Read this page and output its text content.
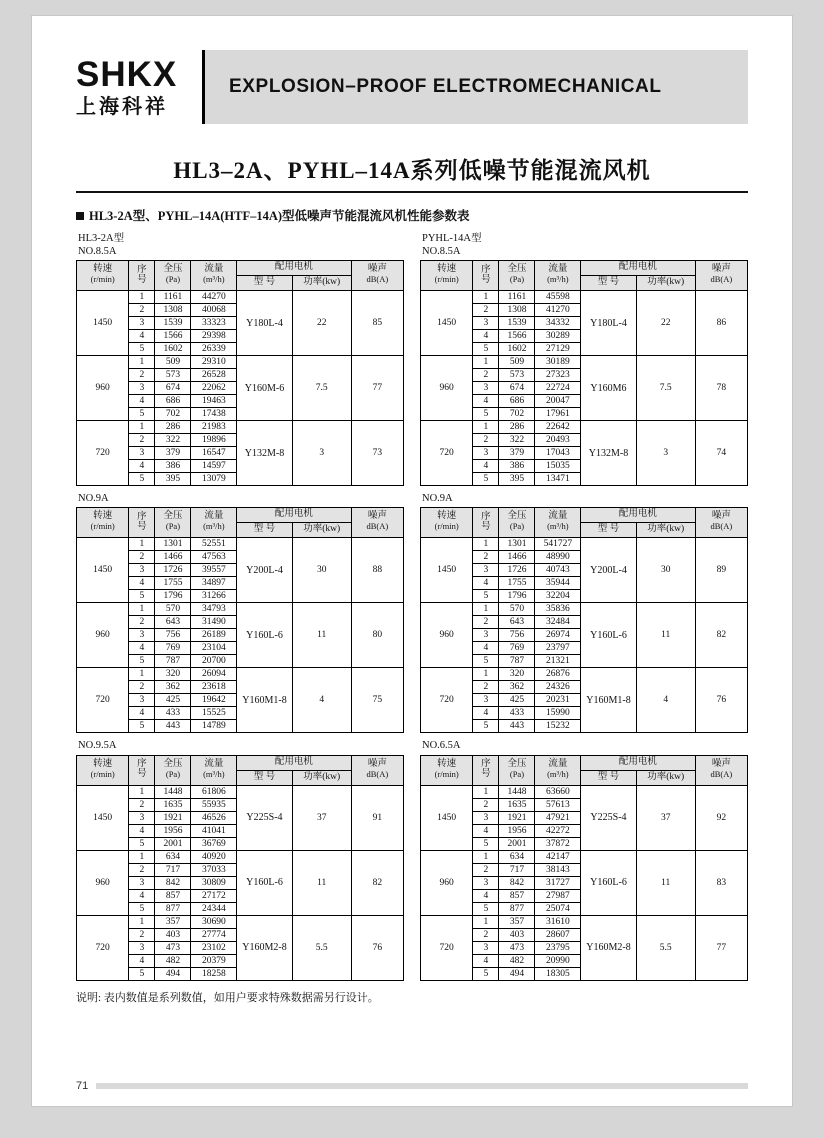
SHKX
上海科祥
EXPLOSION–PROOF ELECTROMECHANICAL
HL3–2A、PYHL–14A系列低噪节能混流风机
HL3-2A型、PYHL–14A(HTF–14A)型低噪声节能混流风机性能参数表
HL3-2A型
NO.8.5A
转速
(r/min)	序
号	全压
(Pa)	流量
(m³/h)	配用电机		噪声
dB(A)
				型 号	功率(kw)	
1450	1	1161	44270	Y180L-4	22	85
	2	1308	40068			
	3	1539	33323			
	4	1566	29398			
	5	1602	26339			
960	1	509	29310	Y160M-6	7.5	77
	2	573	26528			
	3	674	22062			
	4	686	19463			
	5	702	17438			
720	1	286	21983	Y132M-8	3	73
	2	322	19896			
	3	379	16547			
	4	386	14597			
	5	395	13079			
PYHL-14A型
NO.8.5A
转速
(r/min)	序
号	全压
(Pa)	流量
(m³/h)	配用电机		噪声
dB(A)
				型 号	功率(kw)	
1450	1	1161	45598	Y180L-4	22	86
	2	1308	41270			
	3	1539	34332			
	4	1566	30289			
	5	1602	27129			
960	1	509	30189	Y160M6	7.5	78
	2	573	27323			
	3	674	22724			
	4	686	20047			
	5	702	17961			
720	1	286	22642	Y132M-8	3	74
	2	322	20493			
	3	379	17043			
	4	386	15035			
	5	395	13471			
NO.9A
转速
(r/min)	序
号	全压
(Pa)	流量
(m³/h)	配用电机		噪声
dB(A)
				型 号	功率(kw)	
1450	1	1301	52551	Y200L-4	30	88
	2	1466	47563			
	3	1726	39557			
	4	1755	34897			
	5	1796	31266			
960	1	570	34793	Y160L-6	11	80
	2	643	31490			
	3	756	26189			
	4	769	23104			
	5	787	20700			
720	1	320	26094	Y160M1-8	4	75
	2	362	23618			
	3	425	19642			
	4	433	15525			
	5	443	14789			
NO.9A
转速
(r/min)	序
号	全压
(Pa)	流量
(m³/h)	配用电机		噪声
dB(A)
				型 号	功率(kw)	
1450	1	1301	541727	Y200L-4	30	89
	2	1466	48990			
	3	1726	40743			
	4	1755	35944			
	5	1796	32204			
960	1	570	35836	Y160L-6	11	82
	2	643	32484			
	3	756	26974			
	4	769	23797			
	5	787	21321			
720	1	320	26876	Y160M1-8	4	76
	2	362	24326			
	3	425	20231			
	4	433	15990			
	5	443	15232			
NO.9.5A
转速
(r/min)	序
号	全压
(Pa)	流量
(m³/h)	配用电机		噪声
dB(A)
				型 号	功率(kw)	
1450	1	1448	61806	Y225S-4	37	91
	2	1635	55935			
	3	1921	46526			
	4	1956	41041			
	5	2001	36769			
960	1	634	40920	Y160L-6	11	82
	2	717	37033			
	3	842	30809			
	4	857	27172			
	5	877	24344			
720	1	357	30690	Y160M2-8	5.5	76
	2	403	27774			
	3	473	23102			
	4	482	20379			
	5	494	18258			
NO.6.5A
转速
(r/min)	序
号	全压
(Pa)	流量
(m³/h)	配用电机		噪声
dB(A)
				型 号	功率(kw)	
1450	1	1448	63660	Y225S-4	37	92
	2	1635	57613			
	3	1921	47921			
	4	1956	42272			
	5	2001	37872			
960	1	634	42147	Y160L-6	11	83
	2	717	38143			
	3	842	31727			
	4	857	27987			
	5	877	25074			
720	1	357	31610	Y160M2-8	5.5	77
	2	403	28607			
	3	473	23795			
	4	482	20990			
	5	494	18305			
说明: 表内数值是系列数值，如用户要求特殊数据需另行设计。
71
